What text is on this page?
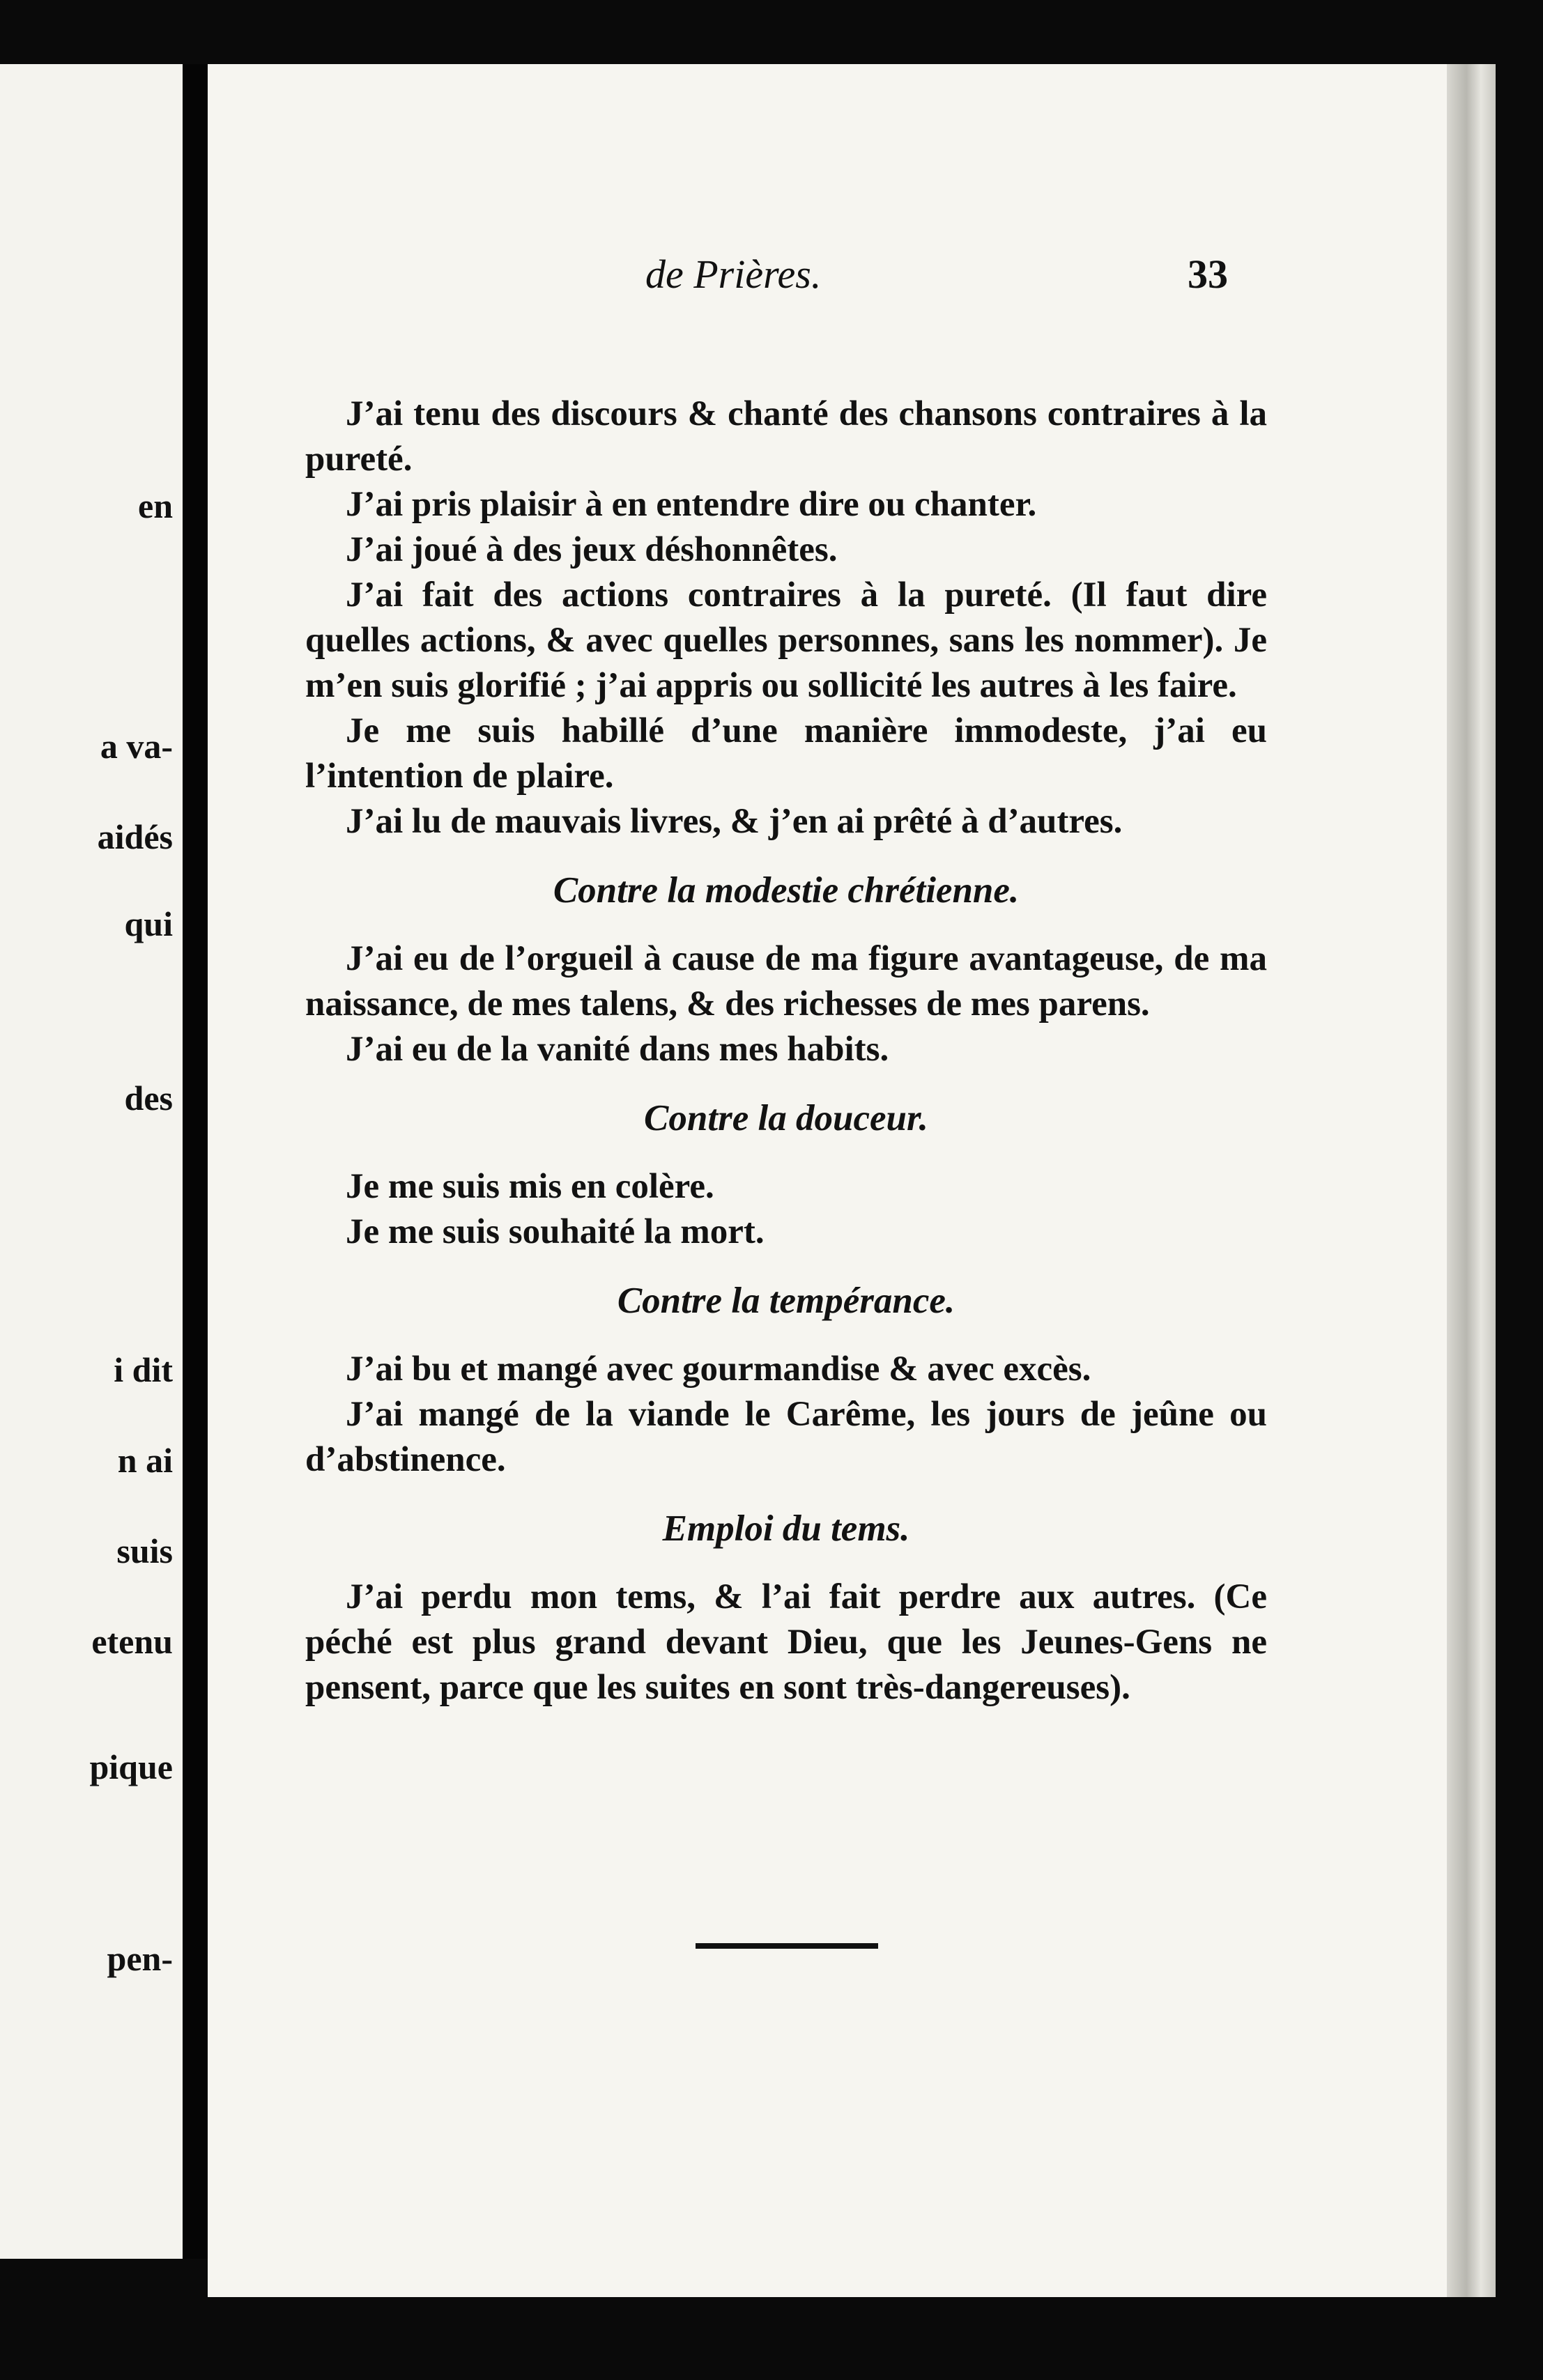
en
a va-
aidés
qui
des
i dit
n ai
suis
etenu
pique
pen-
de Prières.	33

J’ai tenu des discours & chanté des chansons contraires à la pureté.

J’ai pris plaisir à en entendre dire ou chanter.

J’ai joué à des jeux déshonnêtes.

J’ai fait des actions contraires à la pureté. (Il faut dire quelles actions, & avec quelles personnes, sans les nommer). Je m’en suis glorifié ; j’ai appris ou sollicité les autres à les faire.

Je me suis habillé d’une manière immodeste, j’ai eu l’intention de plaire.

J’ai lu de mauvais livres, & j’en ai prêté à d’autres.

Contre la modestie chrétienne.

J’ai eu de l’orgueil à cause de ma figure avantageuse, de ma naissance, de mes talens, & des richesses de mes parens.

J’ai eu de la vanité dans mes habits.

Contre la douceur.

Je me suis mis en colère.

Je me suis souhaité la mort.

Contre la tempérance.

J’ai bu et mangé avec gourmandise & avec excès.

J’ai mangé de la viande le Carême, les jours de jeûne ou d’abstinence.

Emploi du tems.

J’ai perdu mon tems, & l’ai fait perdre aux autres. (Ce péché est plus grand devant Dieu, que les Jeunes-Gens ne pensent, parce que les suites en sont très-dangereuses).
